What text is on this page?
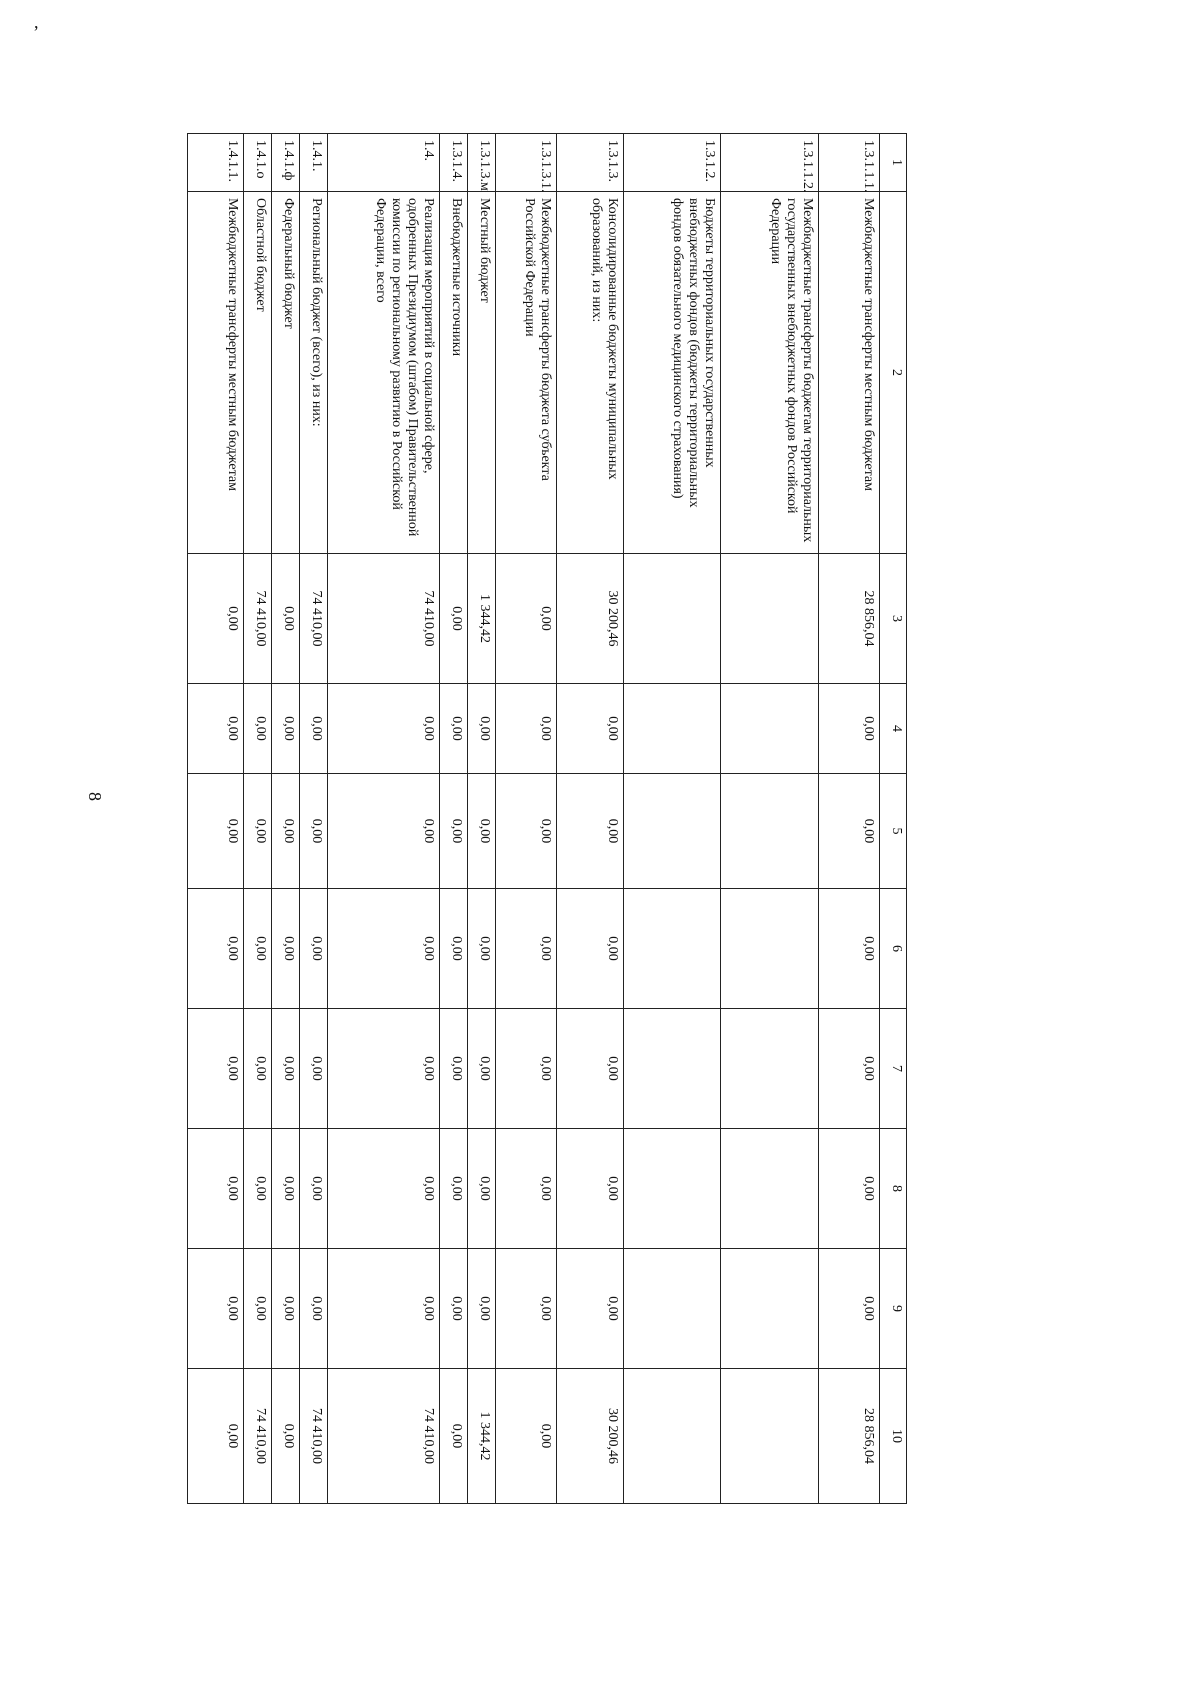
,
8
1	2	3	4	5	6	7	8	9	10
1.3.1.1.1.	Межбюджетные трансферты местным бюджетам	28 856,04	0,00	0,00	0,00	0,00	0,00	0,00	28 856,04
1.3.1.1.2.	Межбюджетные трансферты бюджетам территориальных государственных внебюджетных фондов Российской Федерации								
1.3.1.2.	Бюджеты территориальных государственных внебюджетных фондов (бюджеты территориальных фондов обязательного медицинского страхования)								
1.3.1.3.	Консолидированные бюджеты муниципальных образований, из них:	30 200,46	0,00	0,00	0,00	0,00	0,00	0,00	30 200,46
1.3.1.3.1.	Межбюджетные трансферты бюджета субъекта Российской Федерации	0,00	0,00	0,00	0,00	0,00	0,00	0,00	0,00
1.3.1.3.м	Местный бюджет	1 344,42	0,00	0,00	0,00	0,00	0,00	0,00	1 344,42
1.3.1.4.	Внебюджетные источники	0,00	0,00	0,00	0,00	0,00	0,00	0,00	0,00
1.4.	Реализация мероприятий в социальной сфере, одобренных Президиумом (штабом) Правительственной комиссии по региональному развитию в Российской Федерации, всего	74 410,00	0,00	0,00	0,00	0,00	0,00	0,00	74 410,00
1.4.1.	Региональный бюджет (всего), из них:	74 410,00	0,00	0,00	0,00	0,00	0,00	0,00	74 410,00
1.4.1.ф	Федеральный бюджет	0,00	0,00	0,00	0,00	0,00	0,00	0,00	0,00
1.4.1.о	Областной бюджет	74 410,00	0,00	0,00	0,00	0,00	0,00	0,00	74 410,00
1.4.1.1.	Межбюджетные трансферты местным бюджетам	0,00	0,00	0,00	0,00	0,00	0,00	0,00	0,00
